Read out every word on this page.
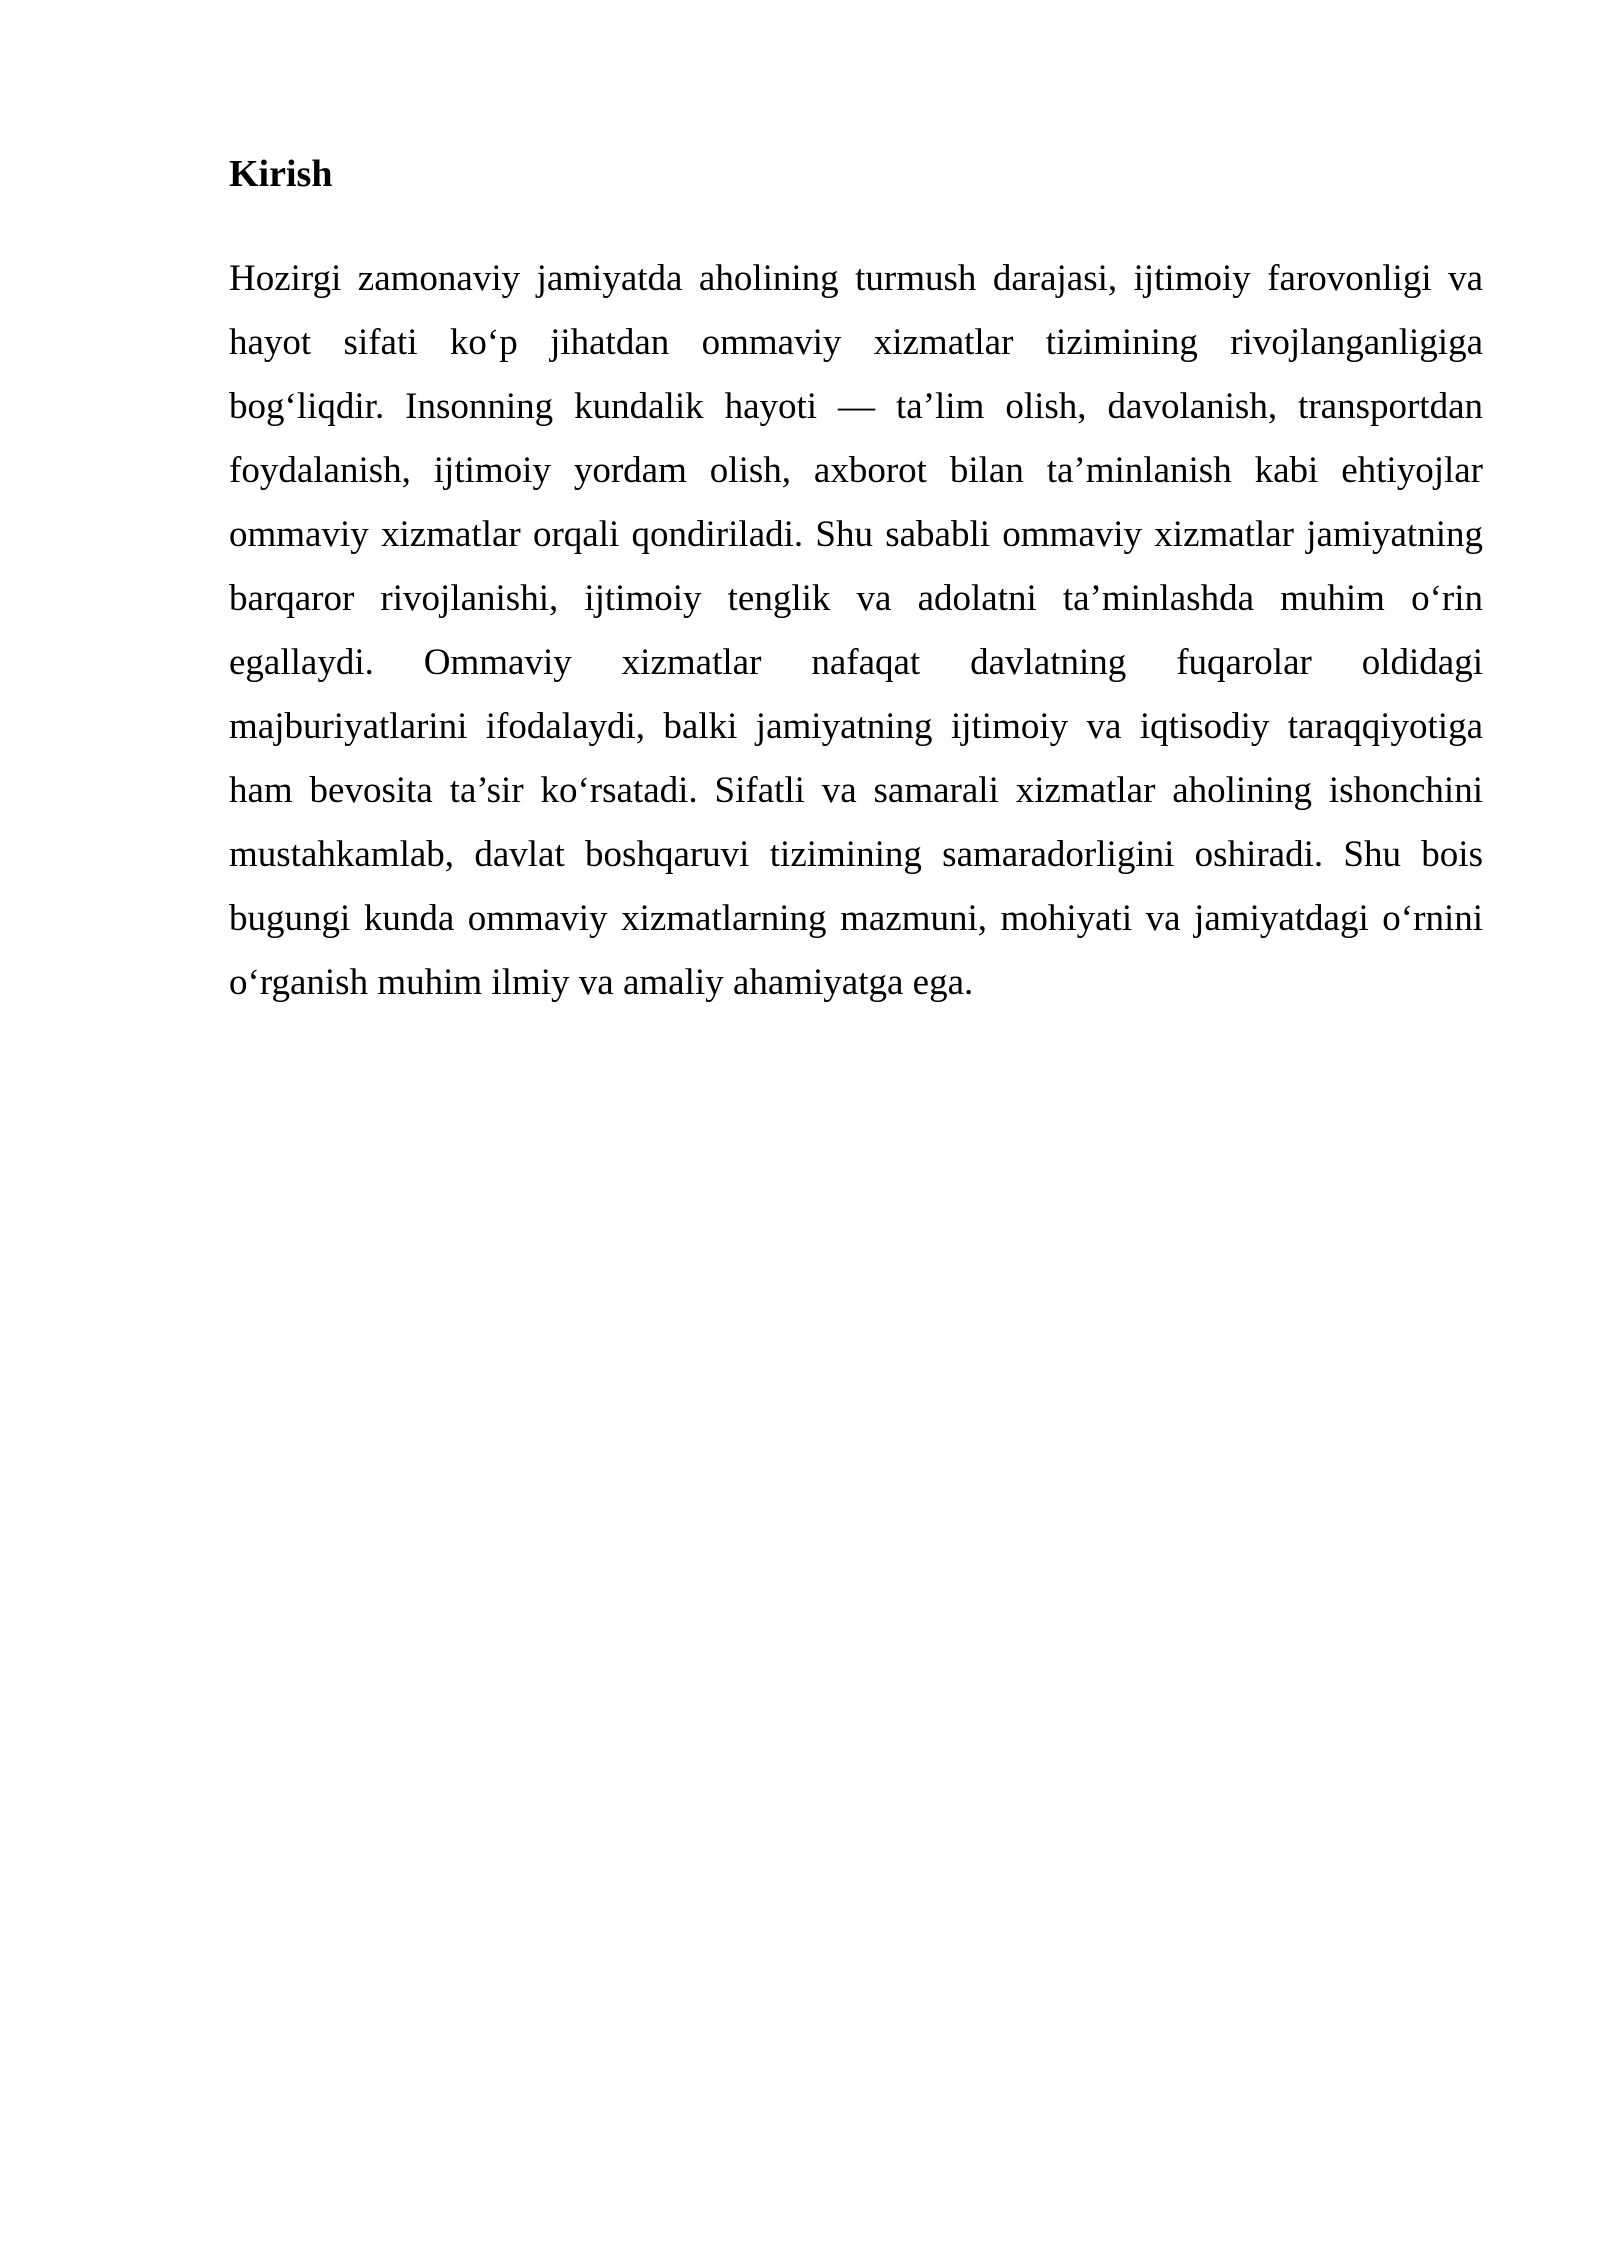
Kirish
Hozirgi zamonaviy jamiyatda aholining turmush darajasi, ijtimoiy farovonligi va
hayot sifati ko‘p jihatdan ommaviy xizmatlar tizimining rivojlanganligiga
bog‘liqdir. Insonning kundalik hayoti — ta’lim olish, davolanish, transportdan
foydalanish, ijtimoiy yordam olish, axborot bilan ta’minlanish kabi ehtiyojlar
ommaviy xizmatlar orqali qondiriladi. Shu sababli ommaviy xizmatlar jamiyatning
barqaror rivojlanishi, ijtimoiy tenglik va adolatni ta’minlashda muhim o‘rin
egallaydi. Ommaviy xizmatlar nafaqat davlatning fuqarolar oldidagi
majburiyatlarini ifodalaydi, balki jamiyatning ijtimoiy va iqtisodiy taraqqiyotiga
ham bevosita ta’sir ko‘rsatadi. Sifatli va samarali xizmatlar aholining ishonchini
mustahkamlab, davlat boshqaruvi tizimining samaradorligini oshiradi. Shu bois
bugungi kunda ommaviy xizmatlarning mazmuni, mohiyati va jamiyatdagi o‘rnini
o‘rganish muhim ilmiy va amaliy ahamiyatga ega.
